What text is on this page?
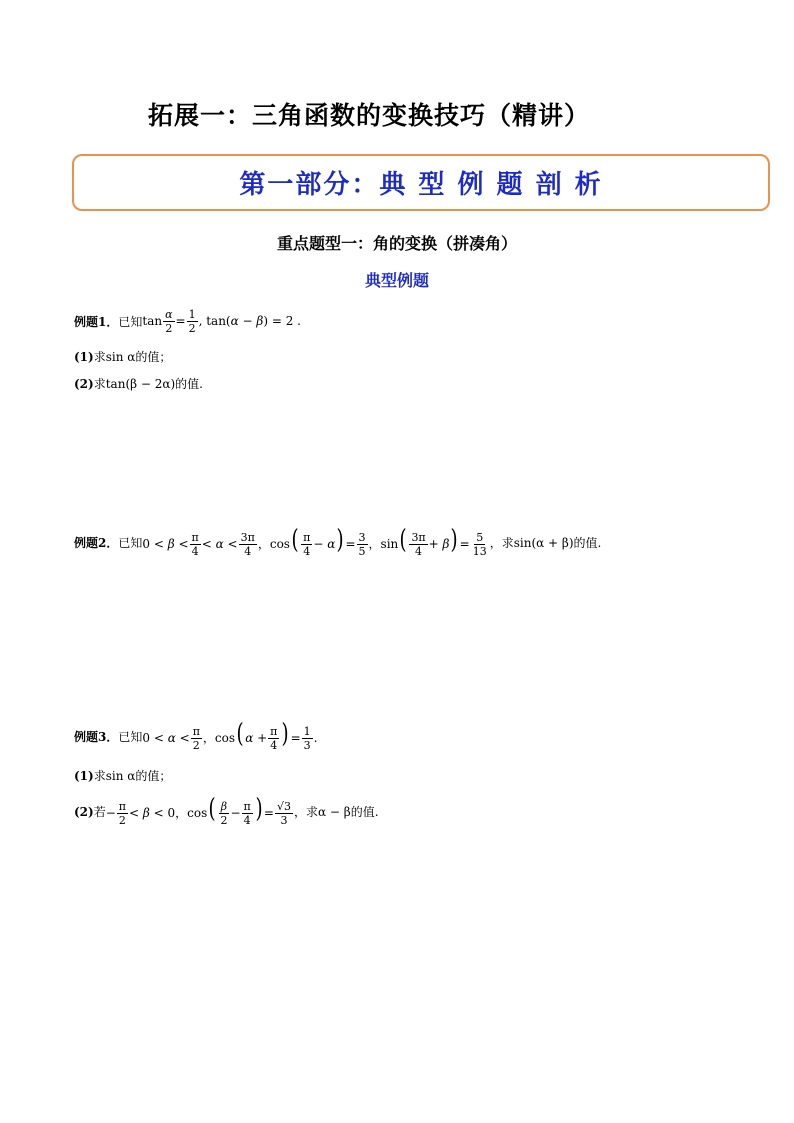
拓展一：三角函数的变换技巧（精讲）
第一部分：典 型 例 题 剖 析
重点题型一：角的变换（拼凑角）
典型例题
例题1． 已知 $\tan \frac{\alpha}{2} = \frac{1}{2}$ , tan(α − β) = 2 .
(1) 求 sin α 的值；
(2) 求 tan(β − 2α) 的值.
例题2． 已知 $0 < \beta < \frac{\pi}{4} < \alpha < \frac{3\pi}{4}$ ，$\cos( \frac{\pi}{4} - \alpha) = \frac{3}{5}$ ，$\sin( \frac{3\pi}{4} + \beta) = \frac{5}{13}$ ，求 sin(α + β) 的值.
例题3． 已知 $0 < \alpha < \frac{\pi}{2}$ ，cos( $\alpha + \frac{\pi}{4}$ ) = $\frac{1}{3}$ .
(1) 求 sin α 的值；
(2) 若 − $\frac{\pi}{2} < \beta < 0$，$\cos( \frac{\beta}{2} - \frac{\pi}{4}$ ) = $\frac{√3}{3}$ ，求 α − β 的值.
